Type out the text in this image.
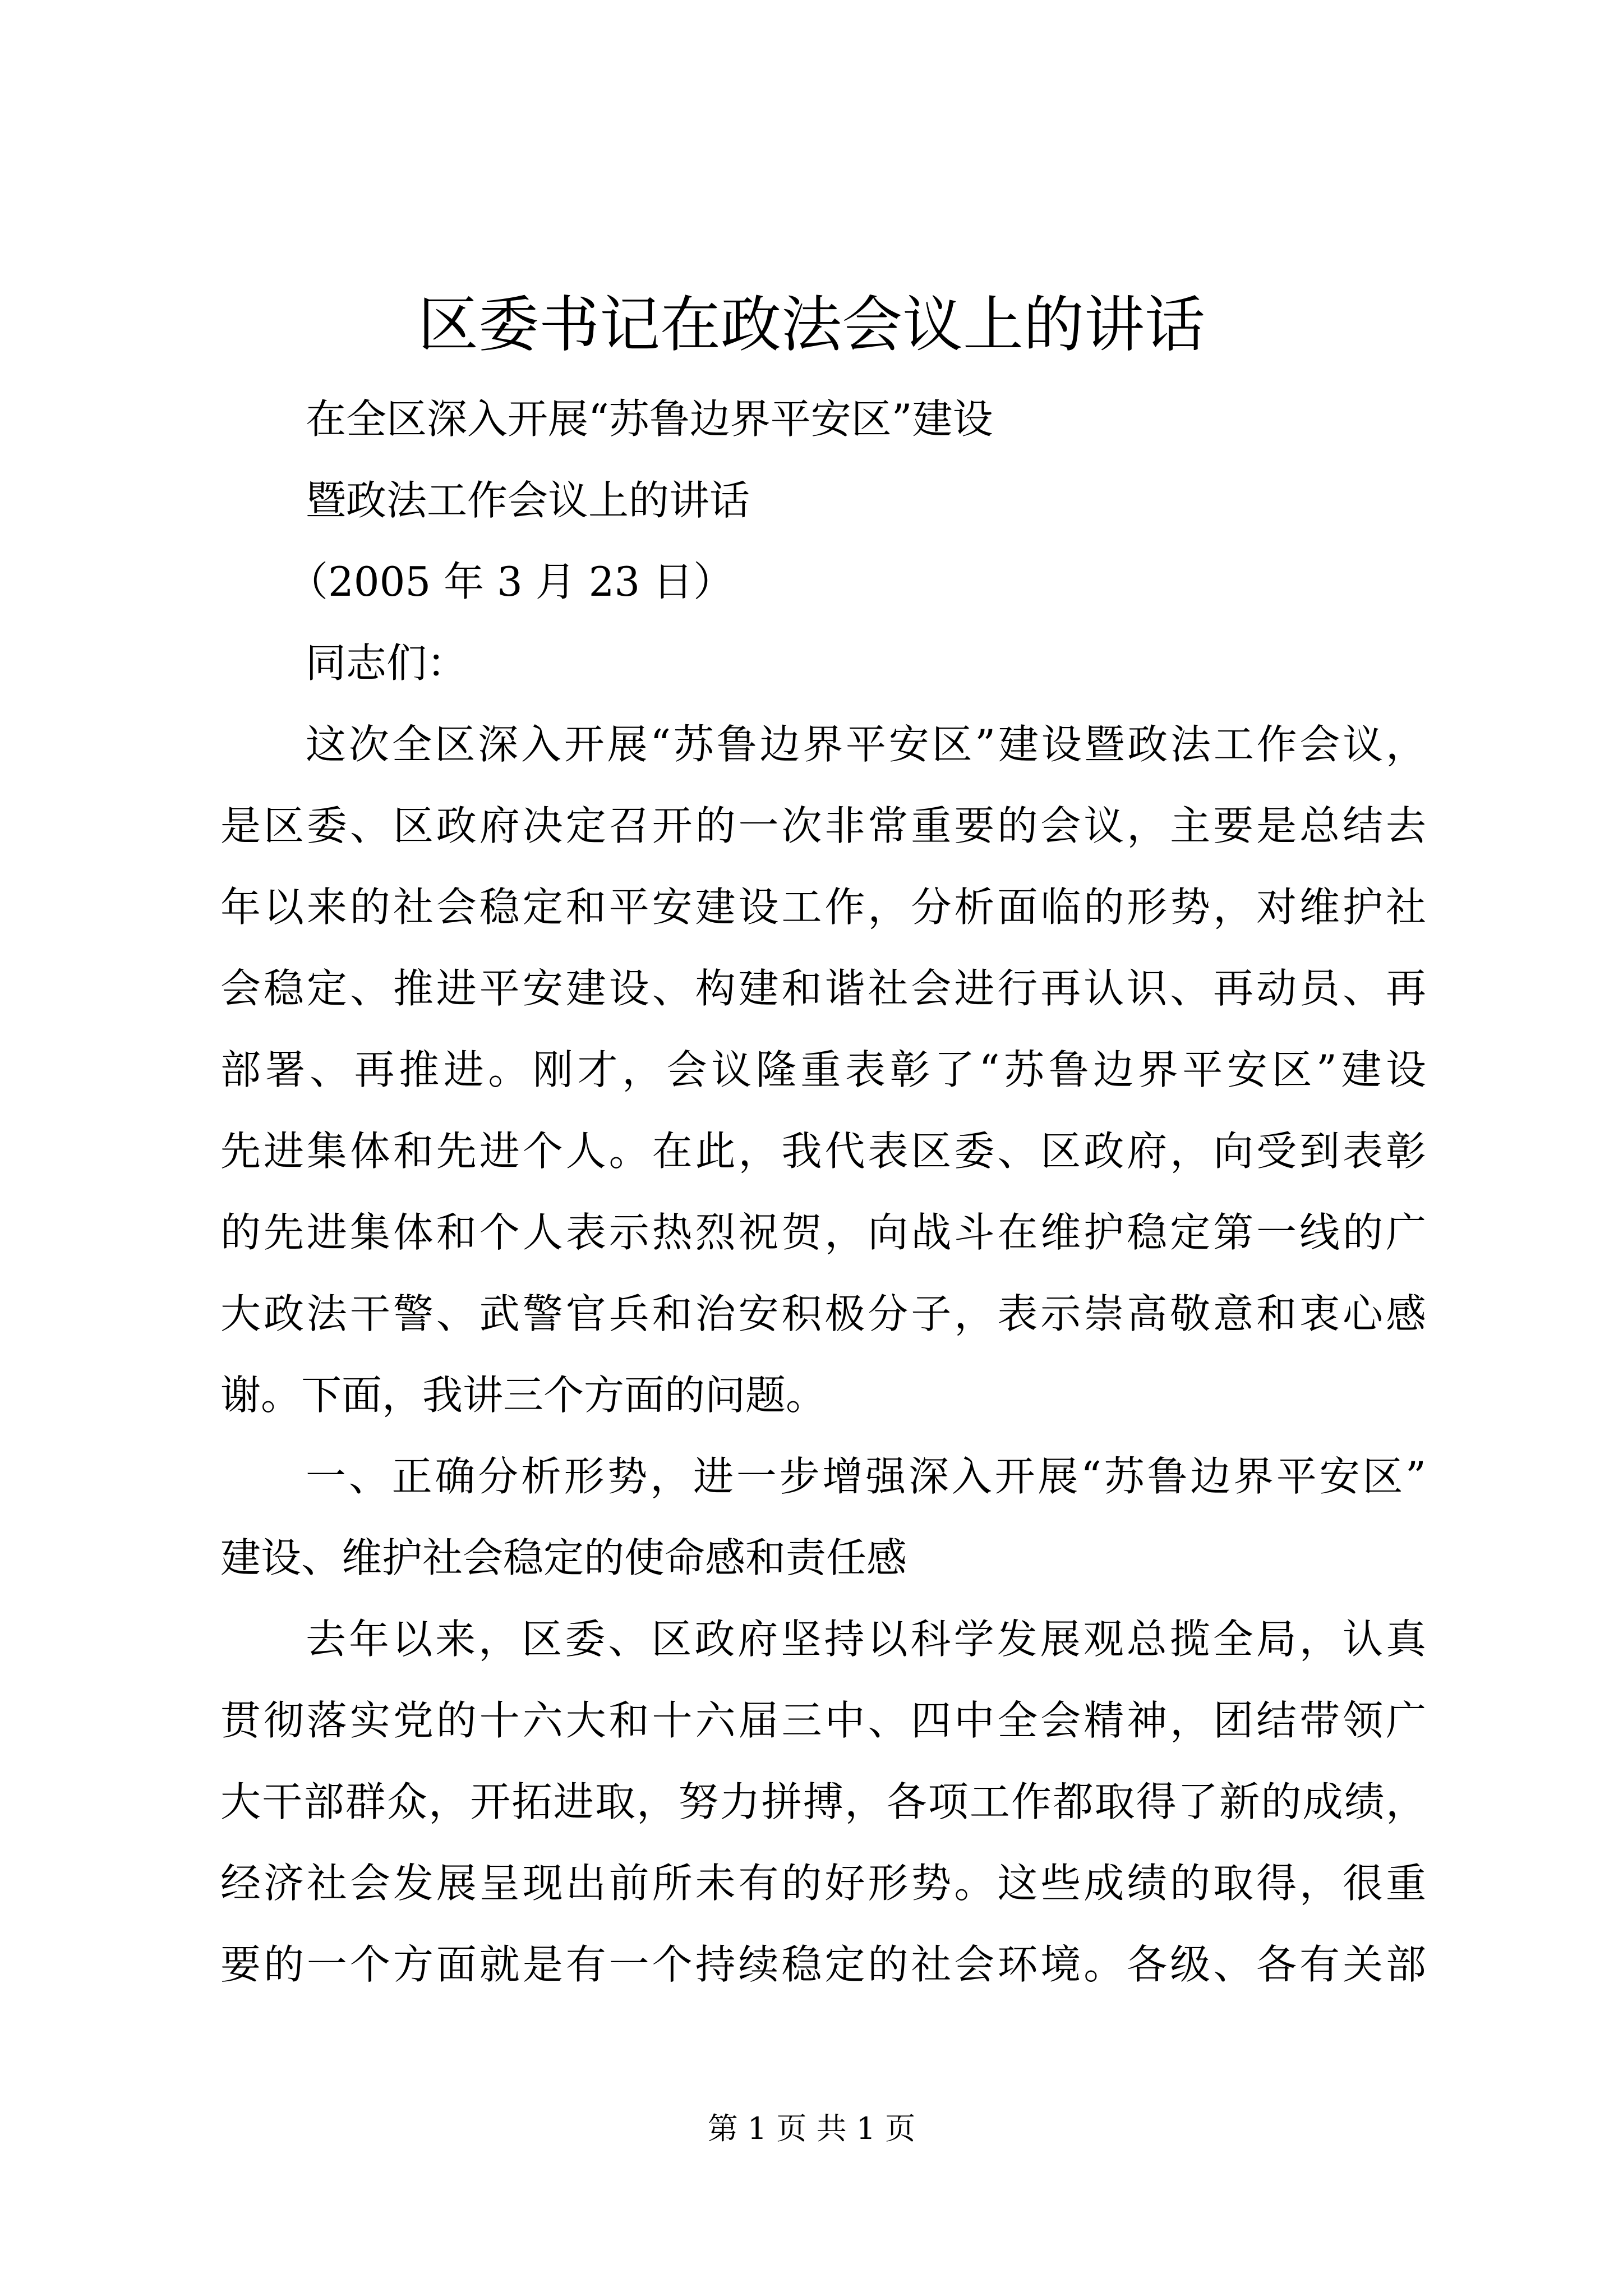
区委书记在政法会议上的讲话
在全区深入开展“苏鲁边界平安区”建设
暨政法工作会议上的讲话
（2005 年 3 月 23 日）
同志们：
这次全区深入开展“苏鲁边界平安区”建设暨政法工作会议，
是区委、区政府决定召开的一次非常重要的会议，主要是总结去
年以来的社会稳定和平安建设工作，分析面临的形势，对维护社
会稳定、推进平安建设、构建和谐社会进行再认识、再动员、再
部署、再推进。刚才，会议隆重表彰了“苏鲁边界平安区”建设
先进集体和先进个人。在此，我代表区委、区政府，向受到表彰
的先进集体和个人表示热烈祝贺，向战斗在维护稳定第一线的广
大政法干警、武警官兵和治安积极分子，表示崇高敬意和衷心感
谢。下面，我讲三个方面的问题。
一、正确分析形势，进一步增强深入开展“苏鲁边界平安区”
建设、维护社会稳定的使命感和责任感
去年以来，区委、区政府坚持以科学发展观总揽全局，认真
贯彻落实党的十六大和十六届三中、四中全会精神，团结带领广
大干部群众，开拓进取，努力拼搏，各项工作都取得了新的成绩，
经济社会发展呈现出前所未有的好形势。这些成绩的取得，很重
要的一个方面就是有一个持续稳定的社会环境。各级、各有关部
第 1 页 共 1 页
